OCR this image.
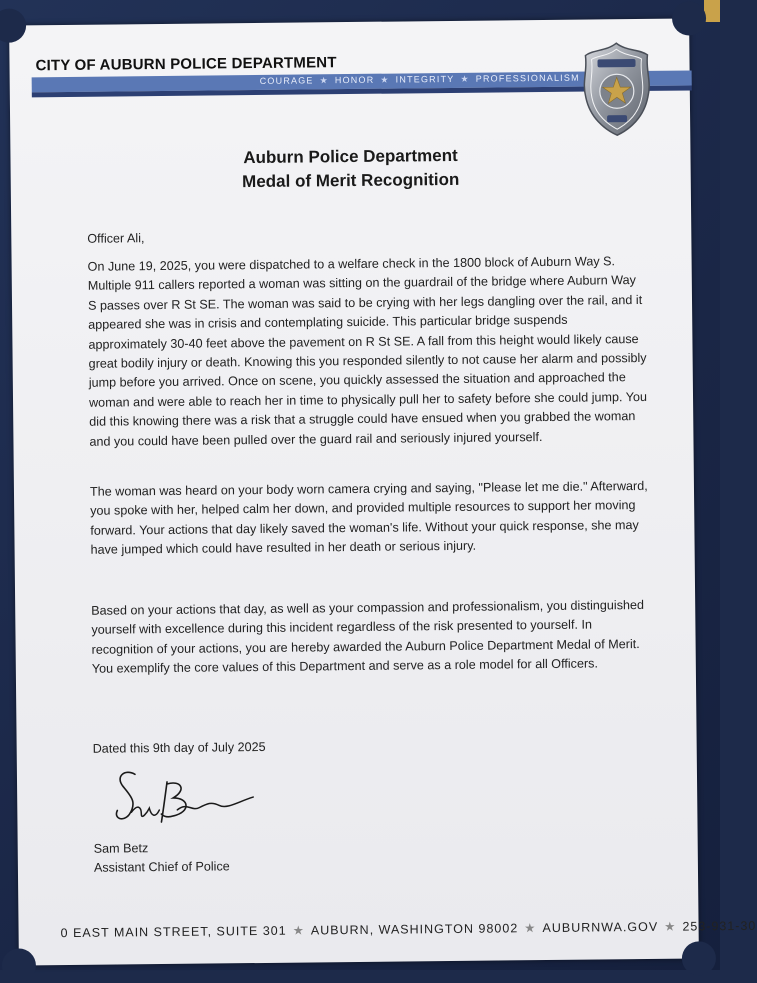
CITY OF AUBURN POLICE DEPARTMENT
COURAGE ★ HONOR ★ INTEGRITY ★ PROFESSIONALISM
Auburn Police Department
Medal of Merit Recognition
Officer Ali,
On June 19, 2025, you were dispatched to a welfare check in the 1800 block of Auburn Way S. Multiple 911 callers reported a woman was sitting on the guardrail of the bridge where Auburn Way S passes over R St SE. The woman was said to be crying with her legs dangling over the rail, and it appeared she was in crisis and contemplating suicide. This particular bridge suspends approximately 30-40 feet above the pavement on R St SE. A fall from this height would likely cause great bodily injury or death. Knowing this you responded silently to not cause her alarm and possibly jump before you arrived. Once on scene, you quickly assessed the situation and approached the woman and were able to reach her in time to physically pull her to safety before she could jump. You did this knowing there was a risk that a struggle could have ensued when you grabbed the woman and you could have been pulled over the guard rail and seriously injured yourself.
The woman was heard on your body worn camera crying and saying, "Please let me die." Afterward, you spoke with her, helped calm her down, and provided multiple resources to support her moving forward. Your actions that day likely saved the woman's life. Without your quick response, she may have jumped which could have resulted in her death or serious injury.
Based on your actions that day, as well as your compassion and professionalism, you distinguished yourself with excellence during this incident regardless of the risk presented to yourself. In recognition of your actions, you are hereby awarded the Auburn Police Department Medal of Merit. You exemplify the core values of this Department and serve as a role model for all Officers.
Dated this 9th day of July 2025
Sam Betz
Assistant Chief of Police
0 EAST MAIN STREET, SUITE 301 ★ AUBURN, WASHINGTON 98002 ★ AUBURNWA.GOV ★ 253-931-30
